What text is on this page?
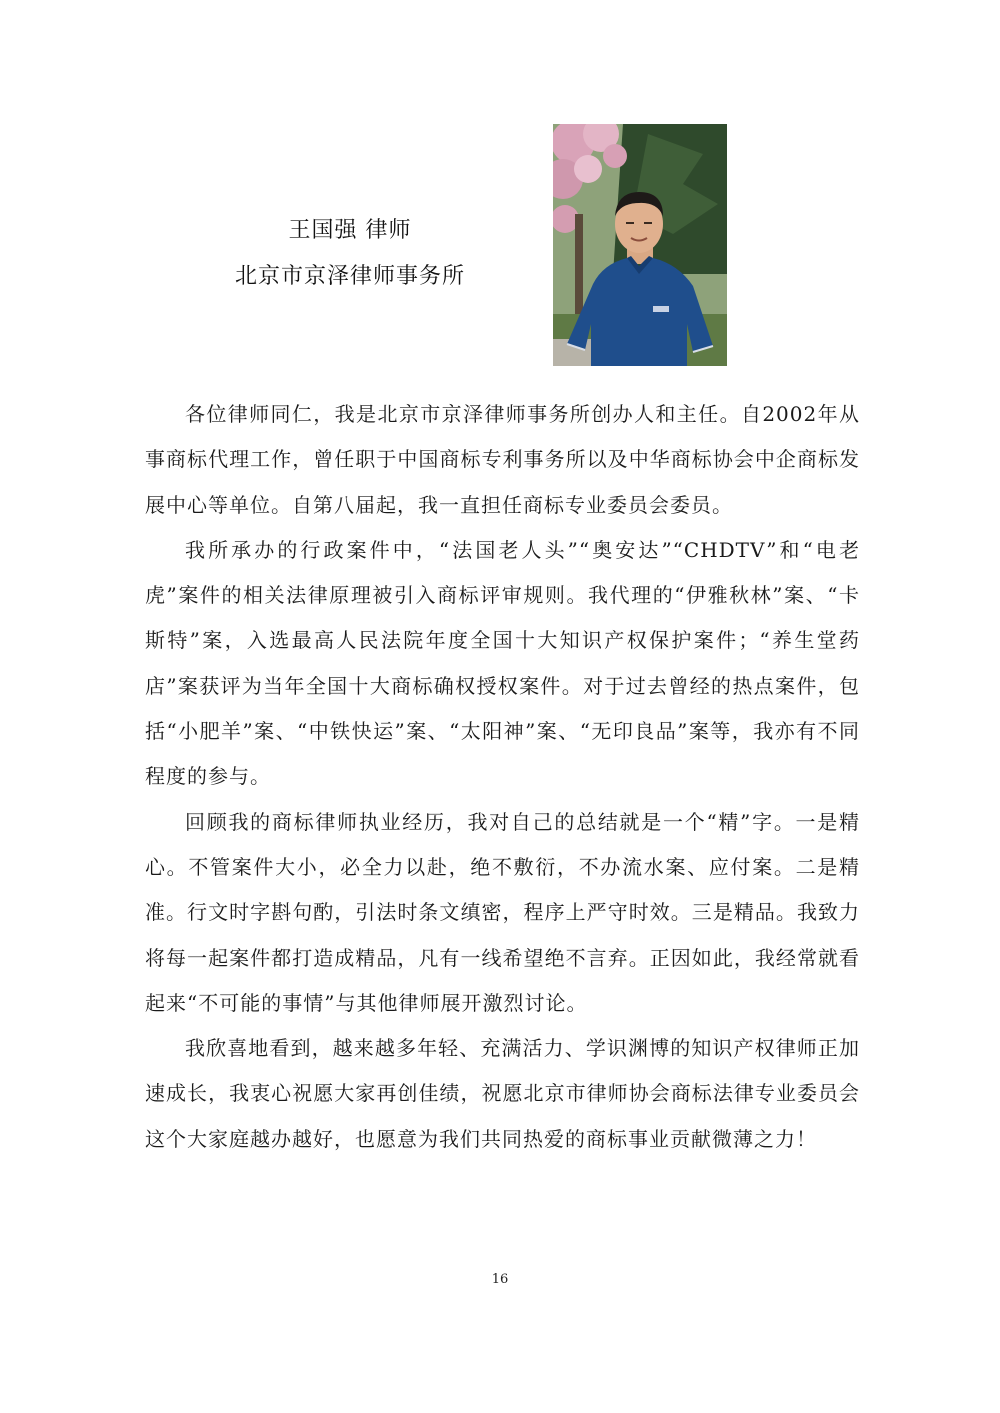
王国强 律师
北京市京泽律师事务所

各位律师同仁，我是北京市京泽律师事务所创办人和主任。自2002年从事商标代理工作，曾任职于中国商标专利事务所以及中华商标协会中企商标发展中心等单位。自第八届起，我一直担任商标专业委员会委员。

我所承办的行政案件中，“法国老人头”“奥安达”“CHDTV”和“电老虎”案件的相关法律原理被引入商标评审规则。我代理的“伊雅秋林”案、“卡斯特”案，入选最高人民法院年度全国十大知识产权保护案件；“养生堂药店”案获评为当年全国十大商标确权授权案件。对于过去曾经的热点案件，包括“小肥羊”案、“中铁快运”案、“太阳神”案、“无印良品”案等，我亦有不同程度的参与。

回顾我的商标律师执业经历，我对自己的总结就是一个“精”字。一是精心。不管案件大小，必全力以赴，绝不敷衍，不办流水案、应付案。二是精准。行文时字斟句酌，引法时条文缜密，程序上严守时效。三是精品。我致力将每一起案件都打造成精品，凡有一线希望绝不言弃。正因如此，我经常就看起来“不可能的事情”与其他律师展开激烈讨论。

我欣喜地看到，越来越多年轻、充满活力、学识渊博的知识产权律师正加速成长，我衷心祝愿大家再创佳绩，祝愿北京市律师协会商标法律专业委员会这个大家庭越办越好，也愿意为我们共同热爱的商标事业贡献微薄之力！

16
